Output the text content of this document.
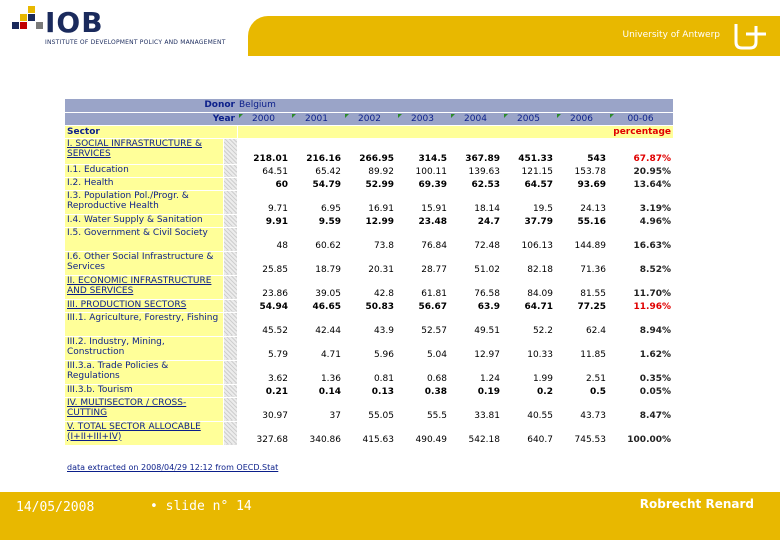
IOB
INSTITUTE OF DEVELOPMENT POLICY AND MANAGEMENT
University of Antwerp
Donor		Belgium							
Year		2000	2001	2002	2003	2004	2005	2006	00-06
Sector									percentage
I. SOCIAL INFRASTRUCTURE & SERVICES		218.01	216.16	266.95	314.5	367.89	451.33	543	67.87%
I.1. Education		64.51	65.42	89.92	100.11	139.63	121.15	153.78	20.95%
I.2. Health		60	54.79	52.99	69.39	62.53	64.57	93.69	13.64%
I.3. Population Pol./Progr. & Reproductive Health		9.71	6.95	16.91	15.91	18.14	19.5	24.13	3.19%
I.4. Water Supply & Sanitation		9.91	9.59	12.99	23.48	24.7	37.79	55.16	4.96%
I.5. Government & Civil Society		48	60.62	73.8	76.84	72.48	106.13	144.89	16.63%
I.6. Other Social Infrastructure & Services		25.85	18.79	20.31	28.77	51.02	82.18	71.36	8.52%
II. ECONOMIC INFRASTRUCTURE AND SERVICES		23.86	39.05	42.8	61.81	76.58	84.09	81.55	11.70%
III. PRODUCTION SECTORS		54.94	46.65	50.83	56.67	63.9	64.71	77.25	11.96%
III.1. Agriculture, Forestry, Fishing		45.52	42.44	43.9	52.57	49.51	52.2	62.4	8.94%
III.2. Industry, Mining, Construction		5.79	4.71	5.96	5.04	12.97	10.33	11.85	1.62%
III.3.a. Trade Policies & Regulations		3.62	1.36	0.81	0.68	1.24	1.99	2.51	0.35%
III.3.b. Tourism		0.21	0.14	0.13	0.38	0.19	0.2	0.5	0.05%
IV. MULTISECTOR / CROSS-CUTTING		30.97	37	55.05	55.5	33.81	40.55	43.73	8.47%
V. TOTAL SECTOR ALLOCABLE (I+II+III+IV)		327.68	340.86	415.63	490.49	542.18	640.7	745.53	100.00%
data extracted on 2008/04/29 12:12 from OECD.Stat
14/05/2008	• slide n° 14	Robrecht Renard
